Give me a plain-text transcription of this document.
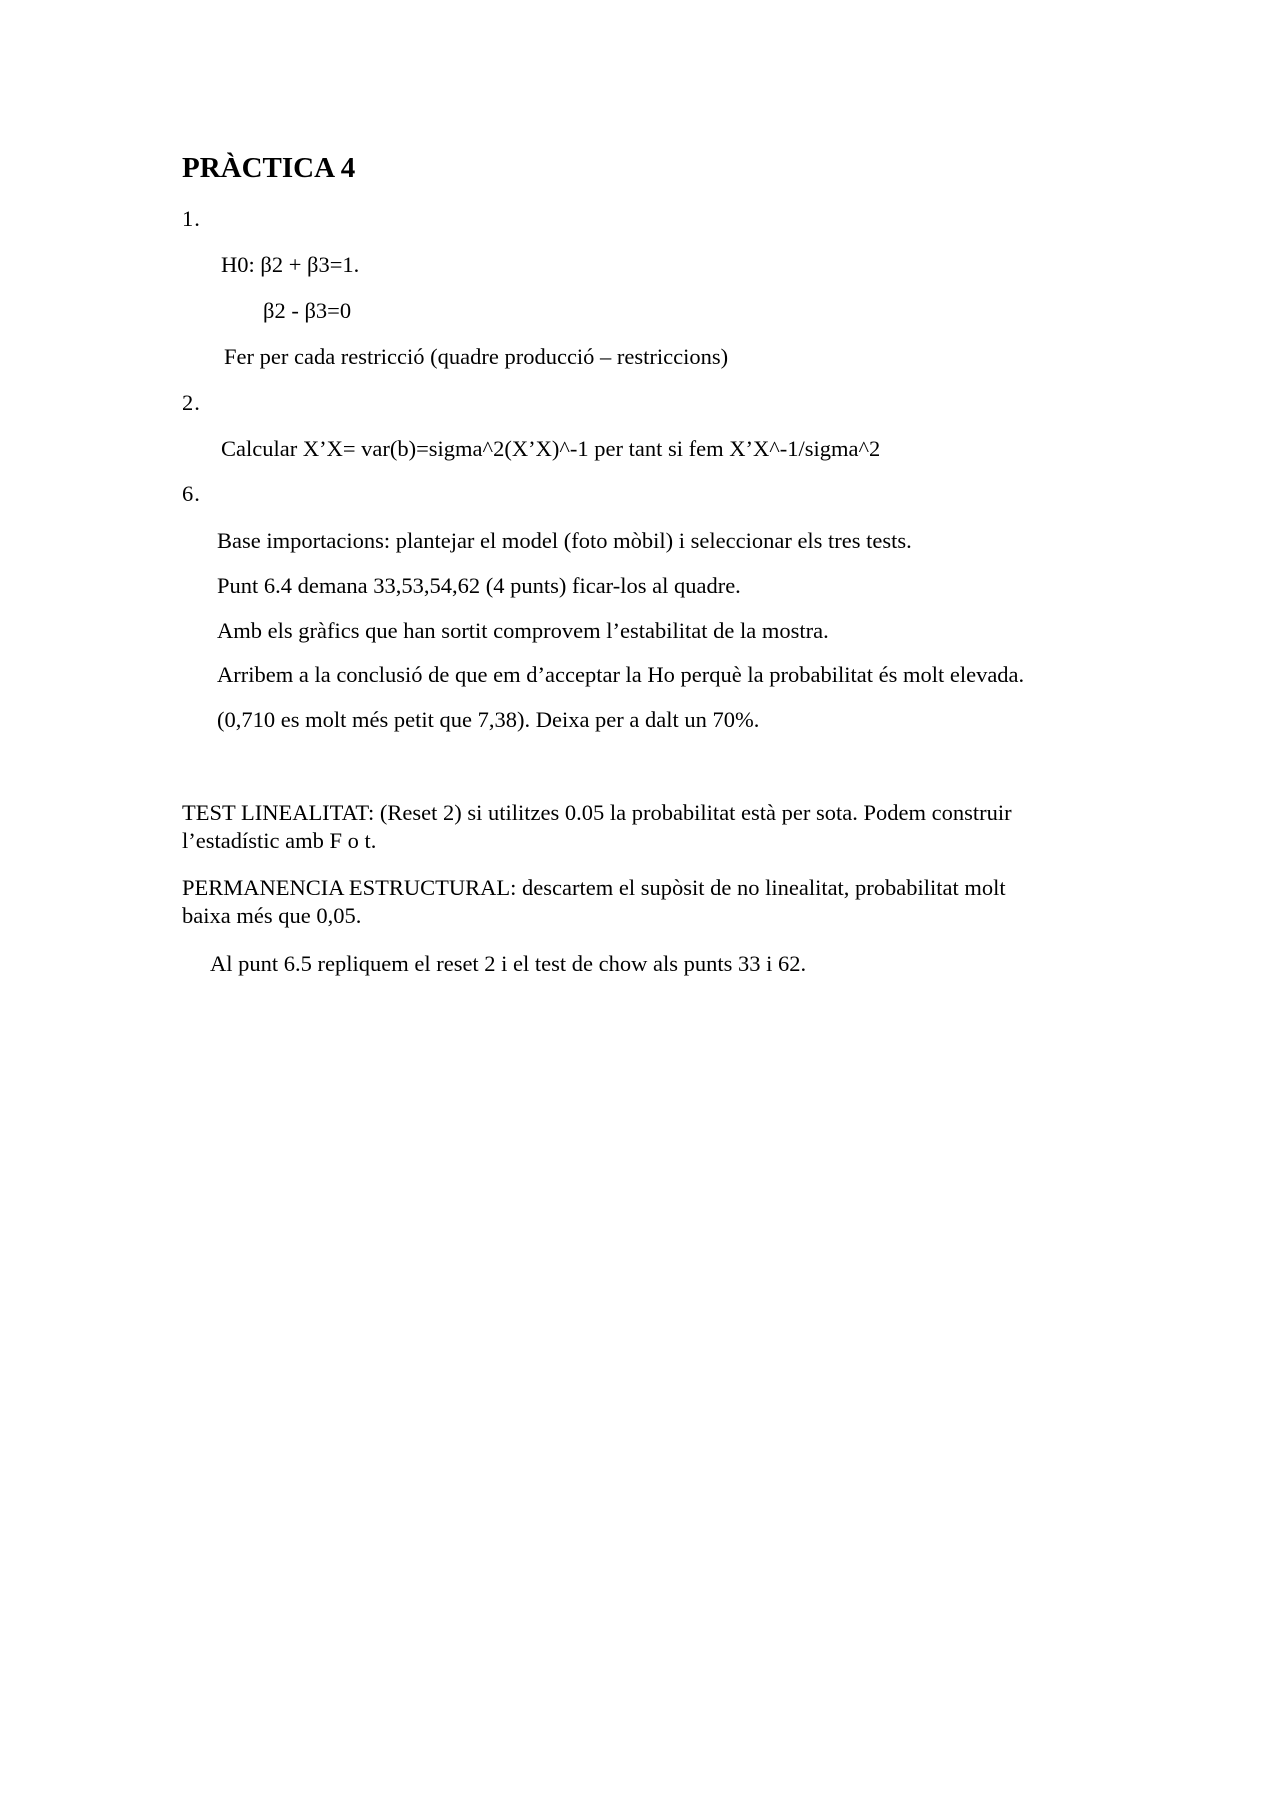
PRÀCTICA 4
1.
H0: β2 + β3=1.
β2 - β3=0
Fer per cada restricció (quadre producció – restriccions)
2.
Calcular X’X= var(b)=sigma^2(X’X)^-1 per tant si fem X’X^-1/sigma^2
6.
Base importacions: plantejar el model (foto mòbil) i seleccionar els tres tests.
Punt 6.4 demana 33,53,54,62 (4 punts) ficar-los al quadre.
Amb els gràfics que han sortit comprovem l’estabilitat de la mostra.
Arribem a la conclusió de que em d’acceptar la Ho perquè la probabilitat és molt elevada.
(0,710 es molt més petit que 7,38). Deixa per a dalt un 70%.
TEST LINEALITAT: (Reset 2) si utilitzes 0.05 la probabilitat està per sota. Podem construir
l’estadístic amb F o t.
PERMANENCIA ESTRUCTURAL: descartem el supòsit de no linealitat, probabilitat molt
baixa més que 0,05.
Al punt 6.5 repliquem el reset 2 i el test de chow als punts 33 i 62.
